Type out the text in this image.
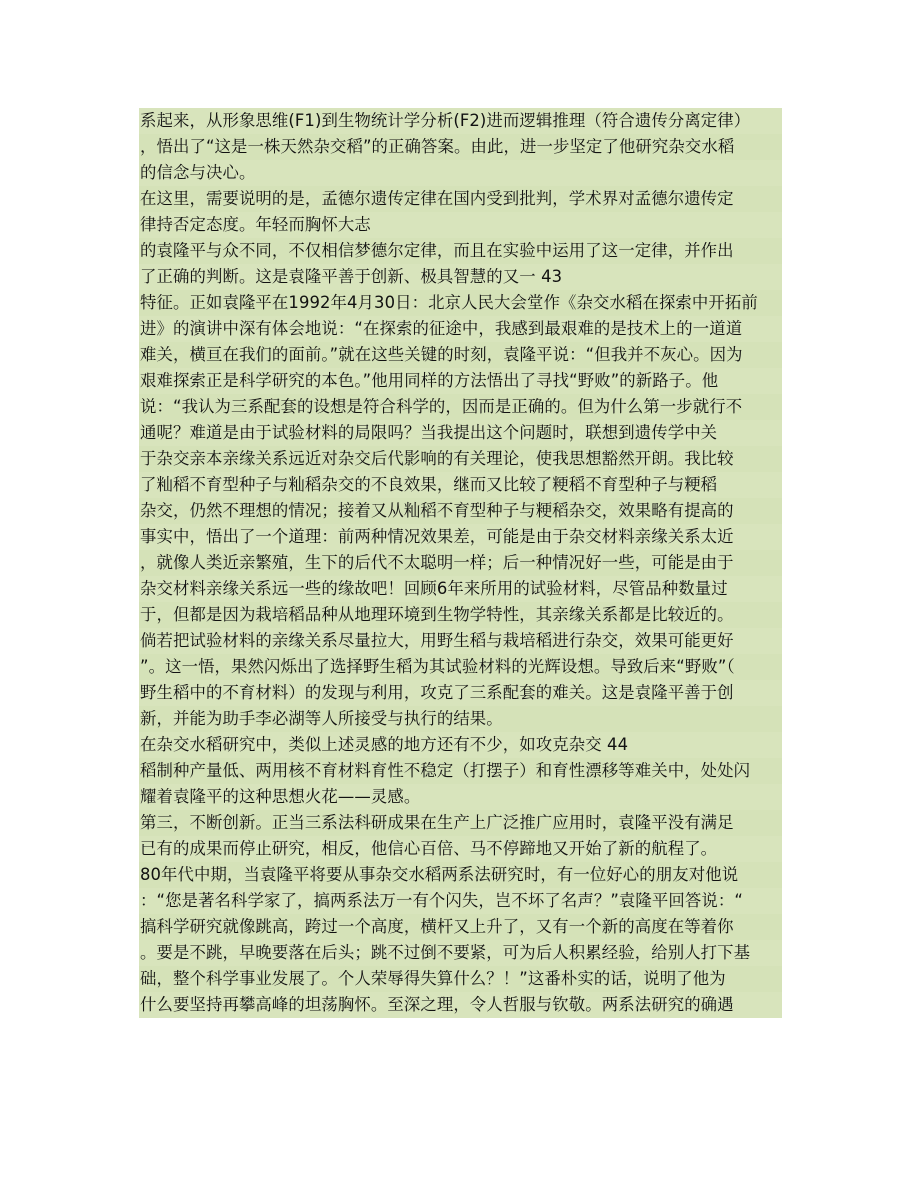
系起来，从形象思维(F1)到生物统计学分析(F2)进而逻辑推理（符合遗传分离定律）
，悟出了“这是一株天然杂交稻”的正确答案。由此，进一步坚定了他研究杂交水稻
的信念与决心。
在这里，需要说明的是，孟德尔遗传定律在国内受到批判，学术界对孟德尔遗传定
律持否定态度。年轻而胸怀大志
的袁隆平与众不同，不仅相信梦德尔定律，而且在实验中运用了这一定律，并作出
了正确的判断。这是袁隆平善于创新、极具智慧的又一 43
特征。正如袁隆平在1992年4月30日：北京人民大会堂作《杂交水稻在探索中开拓前
进》的演讲中深有体会地说：“在探索的征途中，我感到最艰难的是技术上的一道道
难关，横亘在我们的面前。”就在这些关键的时刻，袁隆平说：“但我并不灰心。因为
艰难探索正是科学研究的本色。”他用同样的方法悟出了寻找“野败”的新路子。他
说：“我认为三系配套的设想是符合科学的，因而是正确的。但为什么第一步就行不
通呢？难道是由于试验材料的局限吗？当我提出这个问题时，联想到遗传学中关
于杂交亲本亲缘关系远近对杂交后代影响的有关理论，使我思想豁然开朗。我比较
了籼稻不育型种子与籼稻杂交的不良效果，继而又比较了粳稻不育型种子与粳稻
杂交，仍然不理想的情况；接着又从籼稻不育型种子与粳稻杂交，效果略有提高的
事实中，悟出了一个道理：前两种情况效果差，可能是由于杂交材料亲缘关系太近
，就像人类近亲繁殖，生下的后代不太聪明一样；后一种情况好一些，可能是由于
杂交材料亲缘关系远一些的缘故吧！回顾6年来所用的试验材料，尽管品种数量过
于，但都是因为栽培稻品种从地理环境到生物学特性，其亲缘关系都是比较近的。
倘若把试验材料的亲缘关系尽量拉大，用野生稻与栽培稻进行杂交，效果可能更好
”。这一悟，果然闪烁出了选择野生稻为其试验材料的光辉设想。导致后来“野败”（
野生稻中的不育材料）的发现与利用，攻克了三系配套的难关。这是袁隆平善于创
新，并能为助手李必湖等人所接受与执行的结果。
在杂交水稻研究中，类似上述灵感的地方还有不少，如攻克杂交 44
稻制种产量低、两用核不育材料育性不稳定（打摆子）和育性漂移等难关中，处处闪
耀着袁隆平的这种思想火花——灵感。
第三，不断创新。正当三系法科研成果在生产上广泛推广应用时，袁隆平没有满足
已有的成果而停止研究，相反，他信心百倍、马不停蹄地又开始了新的航程了。
80年代中期，当袁隆平将要从事杂交水稻两系法研究时，有一位好心的朋友对他说
：“您是著名科学家了，搞两系法万一有个闪失，岂不坏了名声？”袁隆平回答说：“
搞科学研究就像跳高，跨过一个高度，横杆又上升了，又有一个新的高度在等着你
。要是不跳，早晚要落在后头；跳不过倒不要紧，可为后人积累经验，给别人打下基
础，整个科学事业发展了。个人荣辱得失算什么？！”这番朴实的话，说明了他为
什么要坚持再攀高峰的坦荡胸怀。至深之理，令人哲服与钦敬。两系法研究的确遇
